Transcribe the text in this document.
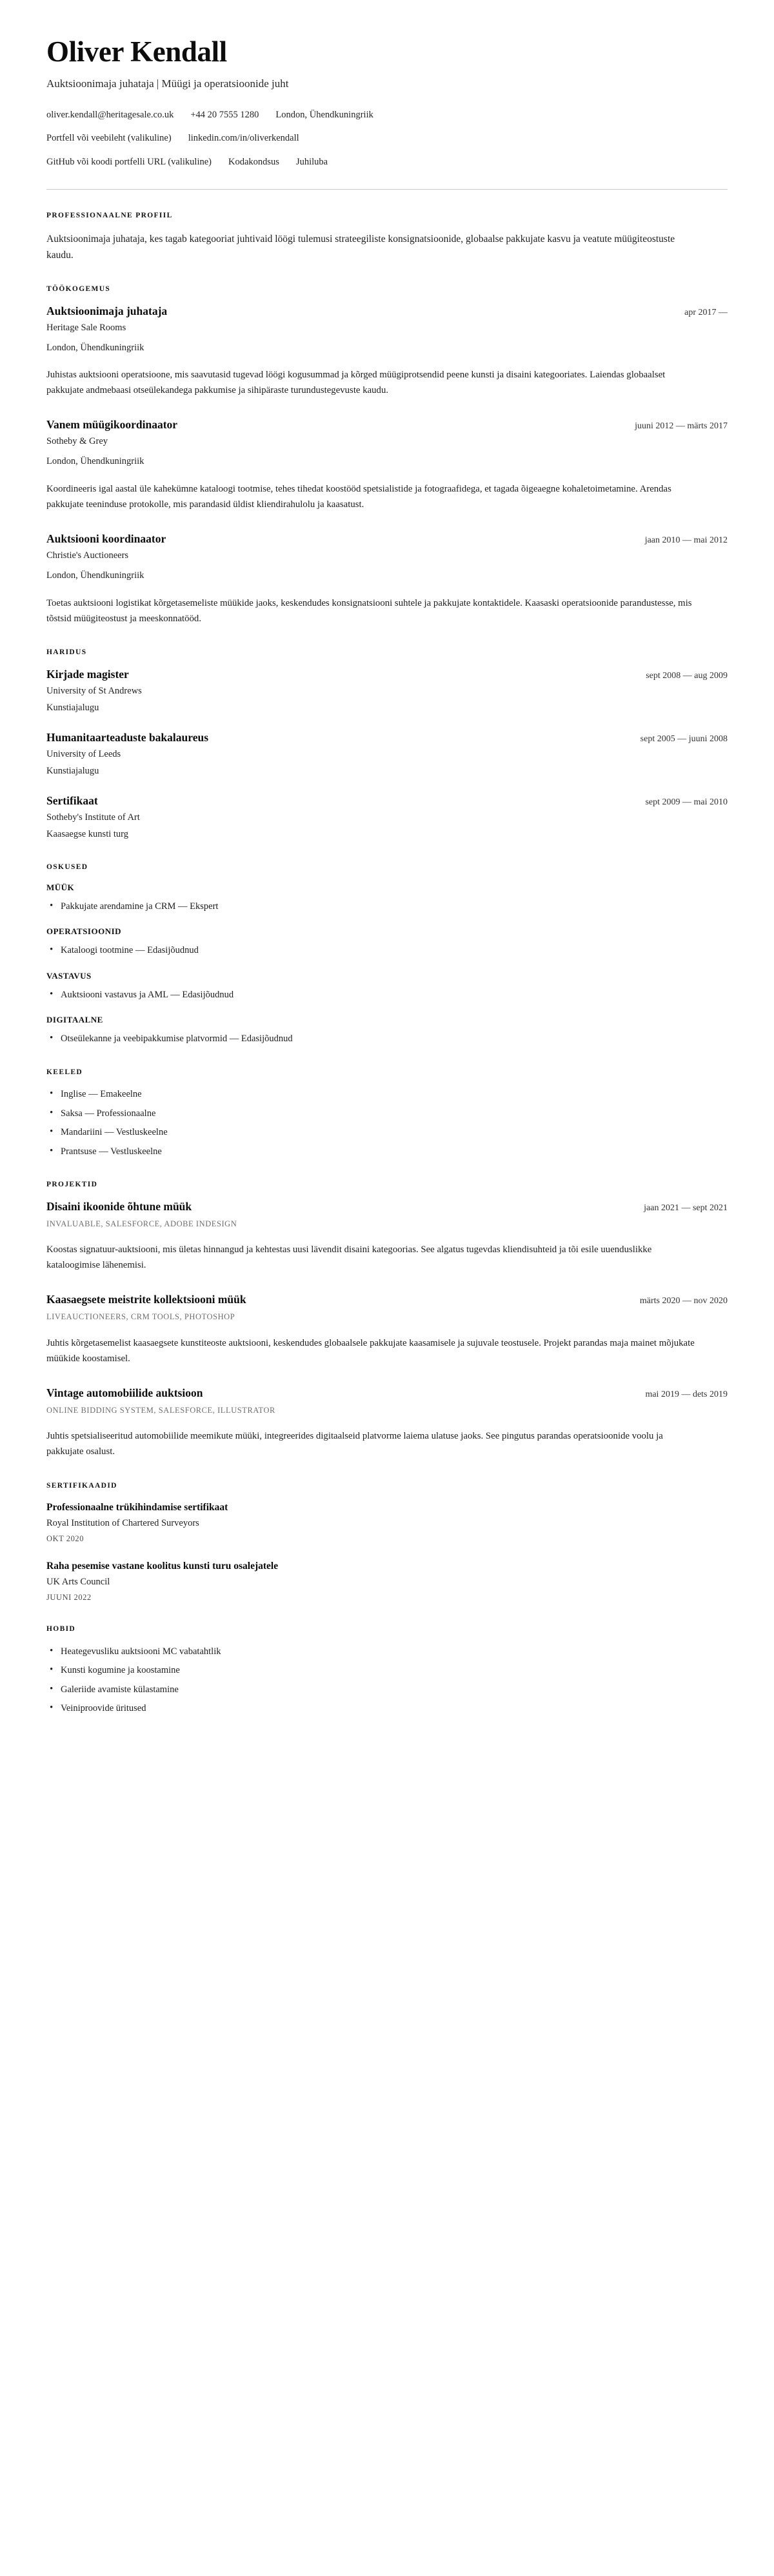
Oliver Kendall
Auktsioonimaja juhataja | Müügi ja operatsioonide juht
oliver.kendall@heritagesale.co.uk +44 20 7555 1280 London, Ühendkuningriik
Portfell või veebileht (valikuline) linkedin.com/in/oliverkendall
GitHub või koodi portfelli URL (valikuline) Kodakondsus Juhiluba
PROFESSIONAALNE PROFIIL

Auktsioonimaja juhataja, kes tagab kategooriat juhtivaid löögi tulemusi strateegiliste konsignatsioonide, globaalse pakkujate kasvu ja veatute müügiteostuste kaudu.

TÖÖKOGEMUS
Auktsioonimaja juhataja	apr 2017 —
Heritage Sale Rooms
London, Ühendkuningriik

Juhistas auktsiooni operatsioone, mis saavutasid tugevad löögi kogusummad ja kõrged müügiprotsendid peene kunsti ja disaini kategooriates. Laiendas globaalset pakkujate andmebaasi otseülekandega pakkumise ja sihipäraste turundustegevuste kaudu.

Vanem müügikoordinaator	juuni 2012 — märts 2017
Sotheby & Grey
London, Ühendkuningriik

Koordineeris igal aastal üle kahekümne kataloogi tootmise, tehes tihedat koostööd spetsialistide ja fotograafidega, et tagada õigeaegne kohaletoimetamine. Arendas pakkujate teeninduse protokolle, mis parandasid üldist kliendirahulolu ja kaasatust.

Auktsiooni koordinaator	jaan 2010 — mai 2012
Christie's Auctioneers
London, Ühendkuningriik

Toetas auktsiooni logistikat kõrgetasemeliste müükide jaoks, keskendudes konsignatsiooni suhtele ja pakkujate kontaktidele. Kaasaski operatsioonide parandustesse, mis tõstsid müügiteostust ja meeskonnatööd.

HARIDUS
Kirjade magister	sept 2008 — aug 2009
University of St Andrews
Kunstiajalugu
Humanitaarteaduste bakalaureus	sept 2005 — juuni 2008
University of Leeds
Kunstiajalugu
Sertifikaat	sept 2009 — mai 2010
Sotheby's Institute of Art
Kaasaegse kunsti turg
OSKUSED
MÜÜK
• Pakkujate arendamine ja CRM — Ekspert
OPERATSIOONID
• Kataloogi tootmine — Edasijõudnud
VASTAVUS
• Auktsiooni vastavus ja AML — Edasijõudnud
DIGITAALNE
• Otseülekanne ja veebipakkumise platvormid — Edasijõudnud
KEELED
• Inglise — Emakeelne
• Saksa — Professionaalne
• Mandariini — Vestluskeelne
• Prantsuse — Vestluskeelne
PROJEKTID
Disaini ikoonide õhtune müük	jaan 2021 — sept 2021
INVALUABLE, SALESFORCE, ADOBE INDESIGN

Koostas signatuur-auktsiooni, mis ületas hinnangud ja kehtestas uusi lävendit disaini kategoorias. See algatus tugevdas kliendisuhteid ja tõi esile uuenduslikke kataloogimise lähenemisi.

Kaasaegsete meistrite kollektsiooni müük	märts 2020 — nov 2020
LIVEAUCTIONEERS, CRM TOOLS, PHOTOSHOP

Juhtis kõrgetasemelist kaasaegsete kunstiteoste auktsiooni, keskendudes globaalsele pakkujate kaasamisele ja sujuvale teostusele. Projekt parandas maja mainet mõjukate müükide koostamisel.

Vintage automobiilide auktsioon	mai 2019 — dets 2019
ONLINE BIDDING SYSTEM, SALESFORCE, ILLUSTRATOR

Juhtis spetsialiseeritud automobiilide meemikute müüki, integreerides digitaalseid platvorme laiema ulatuse jaoks. See pingutus parandas operatsioonide voolu ja pakkujate osalust.

SERTIFIKAADID
Professionaalne trükihindamise sertifikaat
Royal Institution of Chartered Surveyors
OKT 2020
Raha pesemise vastane koolitus kunsti turu osalejatele
UK Arts Council
JUUNI 2022
HOBID
• Heategevusliku auktsiooni MC vabatahtlik
• Kunsti kogumine ja koostamine
• Galeriide avamiste külastamine
• Veiniproovide üritused
